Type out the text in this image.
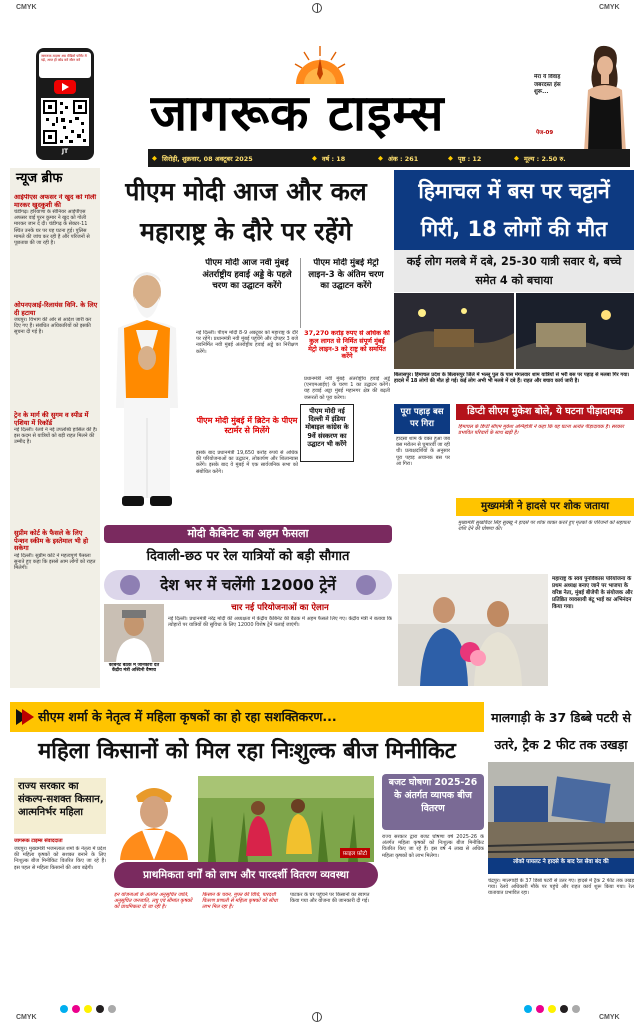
CMYK	CMYK
जागरूक टाइम्स अब वीडियो फॉर्मेट में पढ़ें, आज ही कोड करें स्कैन करें
JT
जागरूक टाइम्स
मेरा ये विवाह जबरदस्त हंस शुरू...
पेज-09
◆ सिरोही, शुक्रवार, 08 अक्टूबर 2025	◆ वर्ष : 18	◆ अंक : 261	◆ पृष्ठ : 12	◆ मूल्य : 2.50 रु.
न्यूज ब्रीफ
आईपीएस अफसर ने खुद को गोली मारकर खुदकुशी की
चंडीगढ़। हरियाणा के सीनियर आईपीएस अफसर वाई पूरन कुमार ने खुद को गोली मारकर जान दे दी। चंडीगढ़ के सेक्टर-11 स्थित उनके घर पर यह घटना हुई। पुलिस मामले की जांच कर रही है और परिजनों से पूछताछ की जा रही है।
ओपनएआई-रिलायंस विनि. के लिए दी हटाया
जयपुर। विभाग की ओर से आदेश जारी कर दिए गए हैं। संबंधित अधिकारियों को इसकी सूचना दी गई है।
ट्रेन के मार्ग की सुगम व स्पीड में एशिया में रिकॉर्ड
नई दिल्ली। रेलवे ने नई उपलब्धि हासिल की है। इस कदम से यात्रियों को बड़ी राहत मिलने की उम्मीद है।
सुप्रीम कोर्ट के फैसले के लिए पेन्शन स्कीम के इस्तेमाल भी हो सकेगा
नई दिल्ली। सुप्रीम कोर्ट ने महत्वपूर्ण फैसला सुनाते हुए कहा कि इससे आम लोगों को राहत मिलेगी।
पीएम मोदी आज और कल महाराष्ट्र के दौरे पर रहेंगे
पीएम मोदी आज नवी मुंबई अंतर्राष्ट्रीय हवाई अड्डे के पहले चरण का उद्घाटन करेंगे
पीएम मोदी मुंबई मेट्रो लाइन-3 के अंतिम चरण का उद्घाटन करेंगे
नई दिल्ली। पीएम मोदी 8-9 अक्टूबर को महाराष्ट्र के दौरे पर रहेंगे। प्रधानमंत्री नवी मुंबई पहुंचेंगे और दोपहर 3 बजे नवनिर्मित नवी मुंबई अंतर्राष्ट्रीय हवाई अड्डे का निरीक्षण करेंगे।
37,270 करोड़ रुपए से अधिक की कुल लागत से निर्मित संपूर्ण मुंबई मेट्रो लाइन-3 को राष्ट्र को समर्पित करेंगे
प्रधानमंत्री नवी मुंबई अंतर्राष्ट्रीय हवाई अड्डे (एनएमआईए) के चरण 1 का उद्घाटन करेंगे। यह हवाई अड्डा मुंबई महानगर क्षेत्र की बढ़ती जरूरतों को पूरा करेगा।
पीएम मोदी मुंबई में ब्रिटेन के पीएम स्टार्मर से मिलेंगे
इसके बाद प्रधानमंत्री 19,650 करोड़ रुपये से अधिक की परियोजनाओं का उद्घाटन, लोकार्पण और शिलान्यास करेंगे। इसके बाद वे मुंबई में एक सार्वजनिक सभा को संबोधित करेंगे।
पीएम मोदी नई दिल्ली में इंडिया मोबाइल कांग्रेस के 9वें संस्करण का उद्घाटन भी करेंगे
हिमाचल में बस पर चट्टानें गिरीं, 18 लोगों की मौत
कई लोग मलबे में दबे, 25-30 यात्री सवार थे, बच्चे समेत 4 को बचाया
बिलासपुर। हिमाचल प्रदेश के बिलासपुर जिले में भल्लू पुल के पास मंगलवार शाम यात्रियों से भरी बस पर पहाड़ से मलबा गिर गया। हादसे में 18 लोगों की मौत हो गई। कई लोग अभी भी मलबे में दबे हैं। राहत और बचाव कार्य जारी है।
पूरा पहाड़ बस पर गिरा
हादसा शाम के वक्त हुआ जब बस मरोतन से घुमारवीं जा रही थी। प्रत्यक्षदर्शियों के अनुसार पूरा पहाड़ अचानक बस पर आ गिरा।
डिप्टी सीएम मुकेश बोले, ये घटना पीड़ादायक
हिमाचल के डिप्टी सीएम मुकेश अग्निहोत्री ने कहा कि यह घटना अत्यंत पीड़ादायक है। सरकार प्रभावित परिवारों के साथ खड़ी है।
मुख्यमंत्री ने हादसे पर शोक जताया
मुख्यमंत्री सुखविंदर सिंह सुक्खू ने हादसे पर शोक व्यक्त करते हुए मृतकों के परिजनों को सहायता राशि देने की घोषणा की।
मोदी कैबिनेट का अहम फैसला
दिवाली-छठ पर रेल यात्रियों को बड़ी सौगात
देश भर में चलेंगी 12000 ट्रेनें
चार नई परियोजनाओं का ऐलान
कैबिनेट बैठक में जानकारी देते केंद्रीय मंत्री अश्विनी वैष्णव
नई दिल्ली। प्रधानमंत्री नरेंद्र मोदी की अध्यक्षता में केंद्रीय कैबिनेट की बैठक में अहम फैसले लिए गए। केंद्रीय मंत्री ने बताया कि त्योहारों पर यात्रियों की सुविधा के लिए 12000 विशेष ट्रेनें चलाई जाएंगी।
महाराष्ट्र के स्वयं पुनर्विकास परियोजना के प्रथम अध्यक्ष बनाए जाने पर भाजपा के वरिष्ठ नेता, मुंबई बीजेपी के संयोजक और प्रतिष्ठित व्यवसायी बंटू भाई का अभिनंदन किया गया।
सीएम शर्मा के नेतृत्व में महिला कृषकों का हो रहा सशक्तिकरण...
महिला किसानों को मिल रहा निःशुल्क बीज मिनीकिट
राज्य सरकार का संकल्प-सशक्त किसान, आत्मनिर्भर महिला
जागरूक टाइम्स संवाददाता
जयपुर। मुख्यमंत्री भजनलाल शर्मा के नेतृत्व में प्रदेश की महिला कृषकों को सशक्त बनाने के लिए निःशुल्क बीज मिनीकिट वितरित किए जा रहे हैं। इस पहल से महिला किसानों की आय बढ़ेगी।
फ़ाइल फ़ोटो
प्राथमिकता वर्गों को लाभ और पारदर्शी वितरण व्यवस्था
इन योजनाओं के अंतर्गत अनुसूचित जाति, अनुसूचित जनजाति, लघु एवं सीमांत कृषकों को प्राथमिकता दी जा रही है।
किसान के चयन, मुफ्त की विधि, पारदर्शी वितरण प्रणाली से महिला कृषकों को सीधा लाभ मिल रहा है।
पाटकर के घर पहुंचने पर किसानों का स्वागत किया गया और योजना की जानकारी दी गई।
बजट घोषणा 2025-26 के अंतर्गत व्यापक बीज वितरण
राज्य सरकार द्वारा बजट घोषणा वर्ष 2025-26 के अंतर्गत महिला कृषकों को निःशुल्क बीज मिनीकिट वितरित किए जा रहे हैं। इस वर्ष 4 लाख से अधिक महिला कृषकों को लाभ मिलेगा।
मालगाड़ी के 37 डिब्बे पटरी से उतरे, ट्रैक 2 फीट तक उखड़ा
लोको पायलट ने हादसे के बाद रेल सेवा बंद की
चंद्रपुर। मालगाड़ी के 37 डिब्बे पटरी से उतर गए। हादसे में ट्रैक 2 फीट तक उखड़ गया। रेलवे अधिकारी मौके पर पहुंचे और राहत कार्य शुरू किया गया। रेल यातायात प्रभावित रहा।
CMYK	CMYK
